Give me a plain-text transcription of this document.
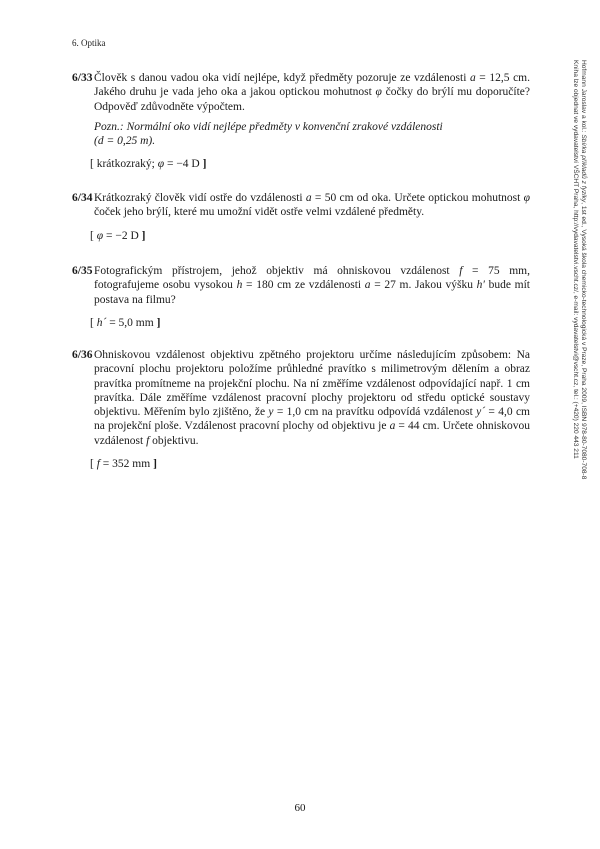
6. Optika
6/33 Člověk s danou vadou oka vidí nejlépe, když předměty pozoruje ze vzdálenosti a = 12,5 cm. Jakého druhu je vada jeho oka a jakou optickou mohutnost φ čočky do brýlí mu doporučíte? Odpověď zdůvodněte výpočtem.
Pozn.: Normální oko vidí nejlépe předměty v konvenční zrakové vzdálenosti
(d = 0,25 m).
[ krátkozraký; φ = −4 D ]
6/34 Krátkozraký člověk vidí ostře do vzdálenosti a = 50 cm od oka. Určete optickou mohutnost φ čoček jeho brýlí, které mu umožní vidět ostře velmi vzdálené předměty.
[ φ = −2 D ]
6/35 Fotografickým přístrojem, jehož objektiv má ohniskovou vzdálenost f = 75 mm, fotografujeme osobu vysokou h = 180 cm ze vzdálenosti a = 27 m. Jakou výšku h′ bude mít postava na filmu?
[ h´ = 5,0 mm ]
6/36 Ohniskovou vzdálenost objektivu zpětného projektoru určíme následujícím způsobem: Na pracovní plochu projektoru položíme průhledné pravítko s milimetrovým dělením a obraz pravítka promítneme na projekční plochu. Na ní změříme vzdálenost odpovídající např. 1 cm pravítka. Dále změříme vzdálenost pracovní plochy projektoru od středu optické soustavy objektivu. Měřením bylo zjištěno, že y = 1,0 cm na pravítku odpovídá vzdálenost y´ = 4,0 cm na projekční ploše. Vzdálenost pracovní plochy od objektivu je a = 44 cm. Určete ohniskovou vzdálenost f objektivu.
[ f = 352 mm ]
Hofmann Jaroslav a kol.: Sbírka příkladů z fyziky, 1st ed., Vysoká škola chemicko-technologická v Praze, Praha 2009, ISBN 978-80-7080-708-8
Kniha lze objednat ve vydavatelství VŠCHT Praha, http://vydavatelstvi.vscht.cz/, e-mail: vydavatelstvi@vscht.cz, tel.: (+420) 220 443 211
60
